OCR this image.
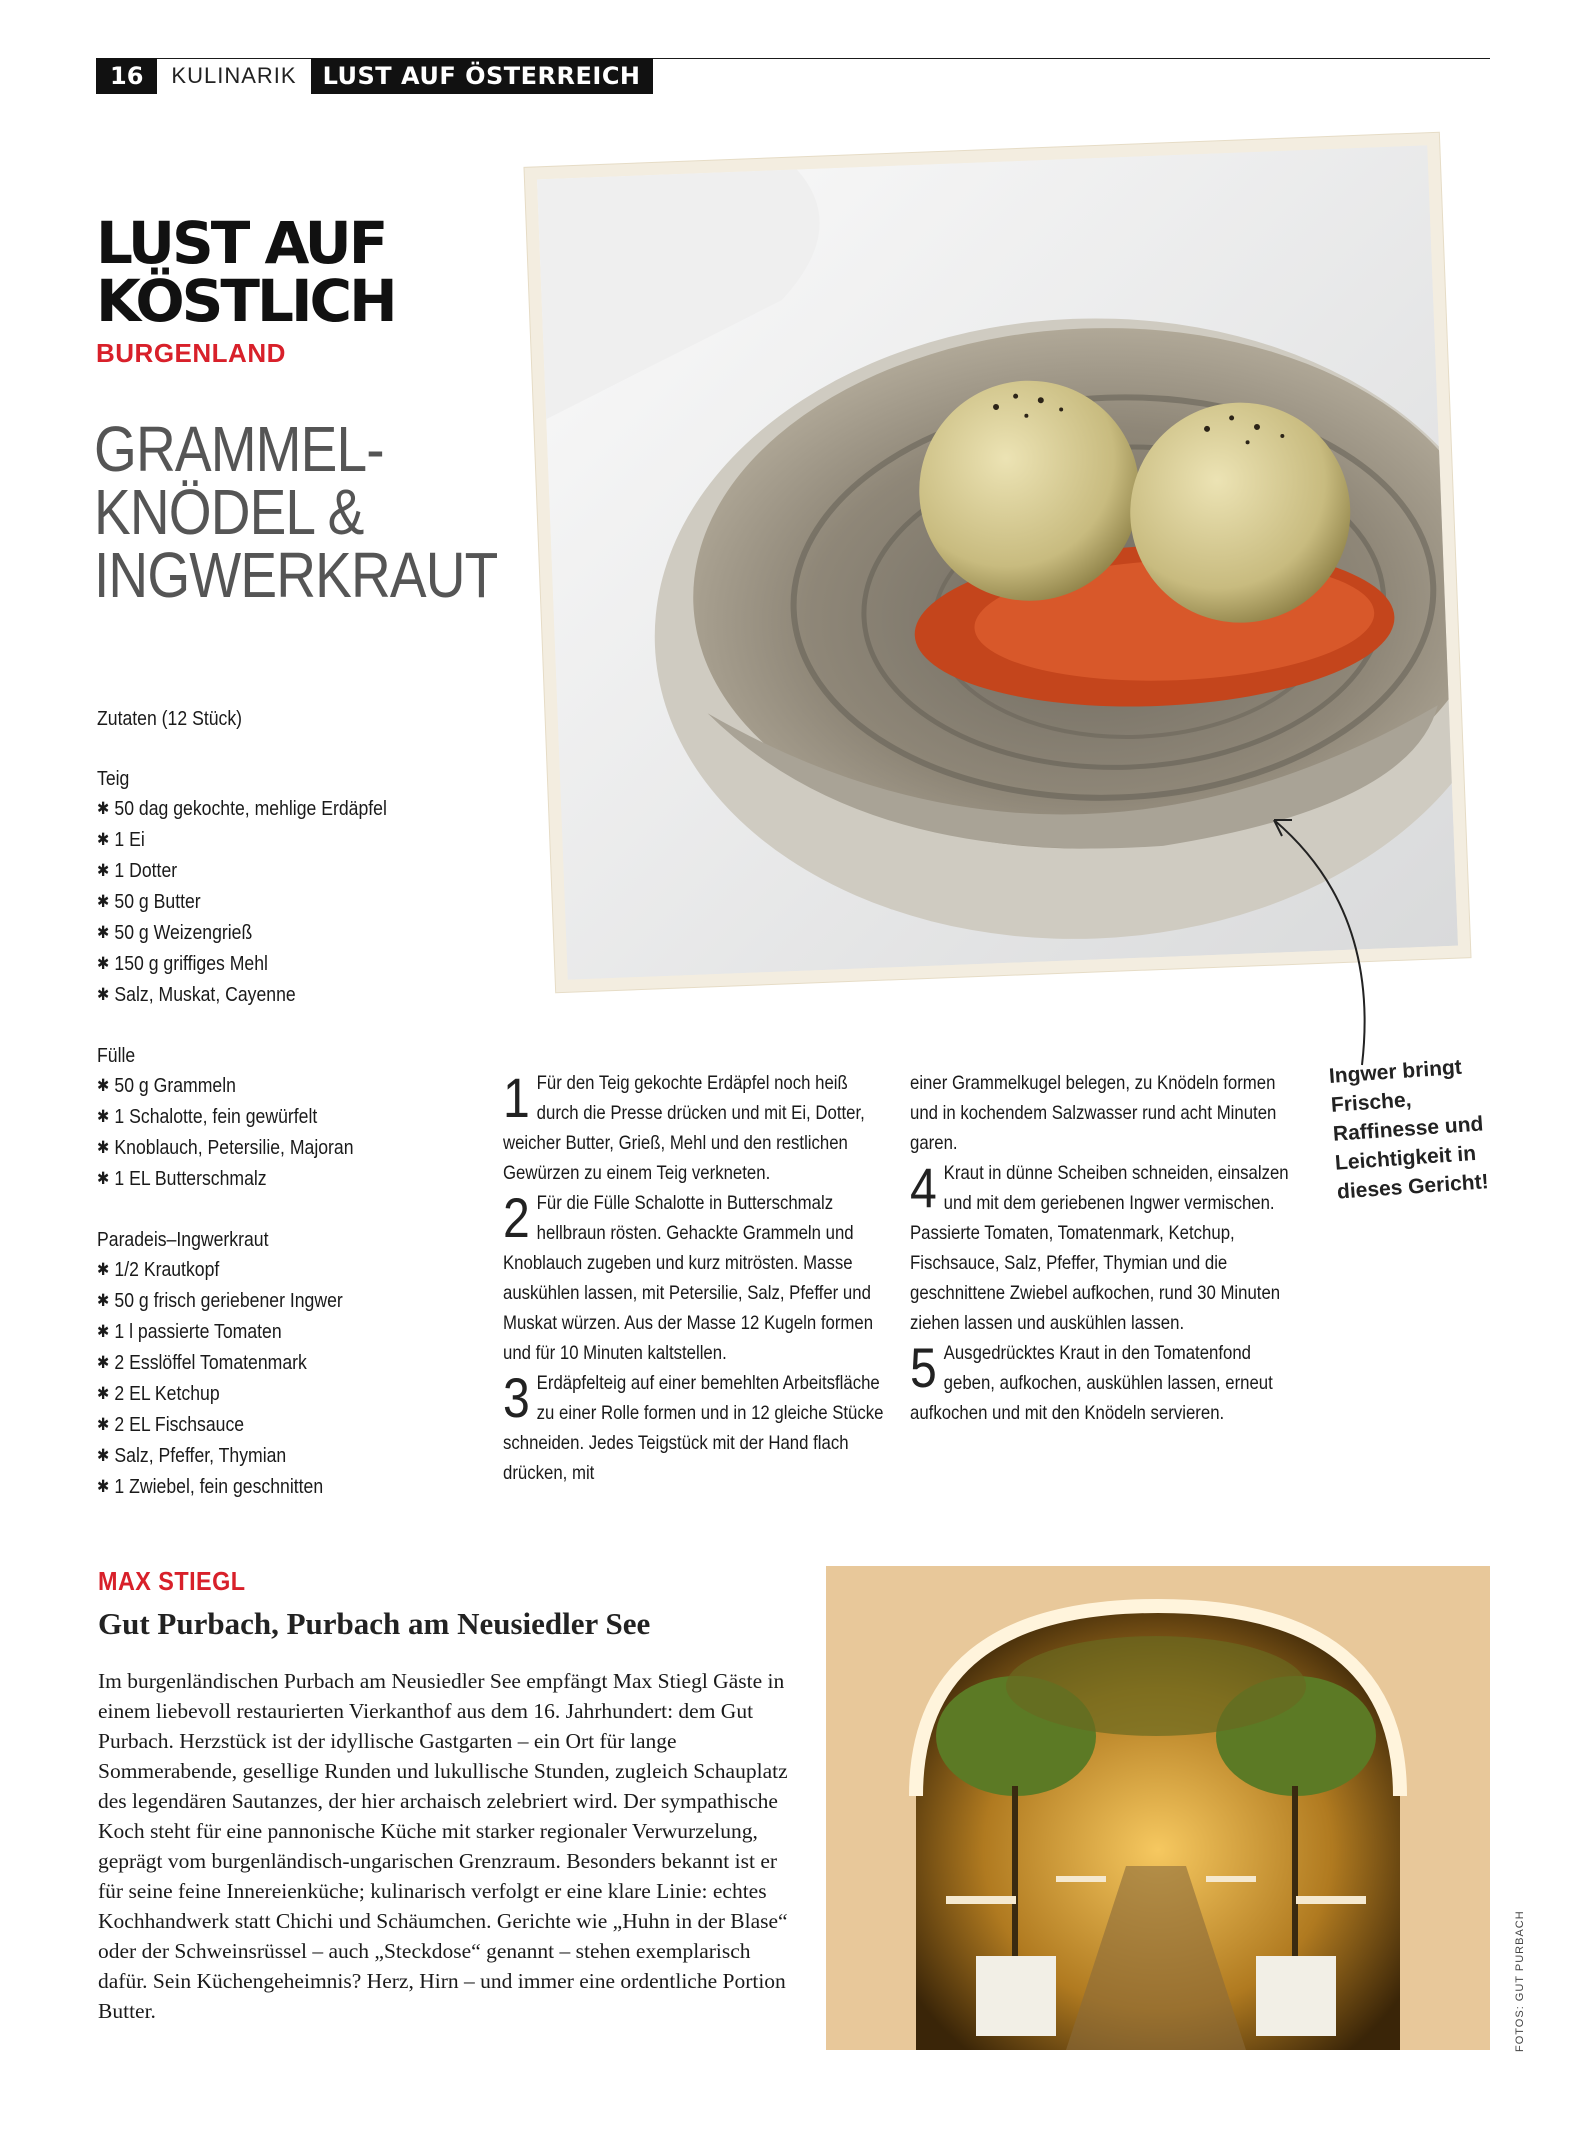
16	KULINARIK	LUST AUF ÖSTERREICH
LUST AUF
KÖSTLICH
BURGENLAND
GRAMMEL-
KNÖDEL &
INGWERKRAUT
Zutaten (12 Stück)
Teig
✱ 50 dag gekochte, mehlige Erdäpfel
✱ 1 Ei
✱ 1 Dotter
✱ 50 g Butter
✱ 50 g Weizengrieß
✱ 150 g griffiges Mehl
✱ Salz, Muskat, Cayenne
Fülle
✱ 50 g Grammeln
✱ 1 Schalotte, fein gewürfelt
✱ Knoblauch, Petersilie, Majoran
✱ 1 EL Butterschmalz
Paradeis–Ingwerkraut
✱ 1/2 Krautkopf
✱ 50 g frisch geriebener Ingwer
✱ 1 l passierte Tomaten
✱ 2 Esslöffel Tomatenmark
✱ 2 EL Ketchup
✱ 2 EL Fischsauce
✱ Salz, Pfeffer, Thymian
✱ 1 Zwiebel, fein geschnitten
Ingwer bringt Frische, Raffinesse und Leichtigkeit in dieses Gericht!
1 Für den Teig gekochte Erdäpfel noch heiß durch die Presse drücken und mit Ei, Dotter, weicher Butter, Grieß, Mehl und den restlichen Gewürzen zu einem Teig verkneten.
2 Für die Fülle Schalotte in Butterschmalz hellbraun rösten. Gehackte Grammeln und Knoblauch zugeben und kurz mitrösten. Masse auskühlen lassen, mit Petersilie, Salz, Pfeffer und Muskat würzen. Aus der Masse 12 Kugeln formen und für 10 Minuten kaltstellen.
3 Erdäpfelteig auf einer bemehlten Arbeitsfläche zu einer Rolle formen und in 12 gleiche Stücke schneiden. Jedes Teigstück mit der Hand flach drücken, mit
einer Grammelkugel belegen, zu Knödeln formen und in kochendem Salzwasser rund acht Minuten garen.
4 Kraut in dünne Scheiben schneiden, einsalzen und mit dem geriebenen Ingwer vermischen. Passierte Tomaten, Tomatenmark, Ketchup, Fischsauce, Salz, Pfeffer, Thymian und die geschnittene Zwiebel aufkochen, rund 30 Minuten ziehen lassen und auskühlen lassen.
5 Ausgedrücktes Kraut in den Tomatenfond geben, aufkochen, auskühlen lassen, erneut aufkochen und mit den Knödeln servieren.
MAX STIEGL
Gut Purbach, Purbach am Neusiedler See
Im burgenländischen Purbach am Neusiedler See empfängt Max Stiegl Gäste in einem liebevoll restaurierten Vierkanthof aus dem 16. Jahrhundert: dem Gut Purbach. Herzstück ist der idyllische Gastgarten – ein Ort für lange Sommerabende, gesellige Runden und lukullische Stunden, zugleich Schauplatz des legendären Sautanzes, der hier archaisch zelebriert wird. Der sympathische Koch steht für eine pannonische Küche mit starker regionaler Verwurzelung, geprägt vom burgenländisch-ungarischen Grenzraum. Besonders bekannt ist er für seine feine Innereienküche; kulinarisch verfolgt er eine klare Linie: echtes Kochhandwerk statt Chichi und Schäumchen. Gerichte wie „Huhn in der Blase“ oder der Schweinsrüssel – auch „Steckdose“ genannt – stehen exemplarisch dafür. Sein Küchengeheimnis? Herz, Hirn – und immer eine ordentliche Portion Butter.	FOTOS: GUT PURBACH
